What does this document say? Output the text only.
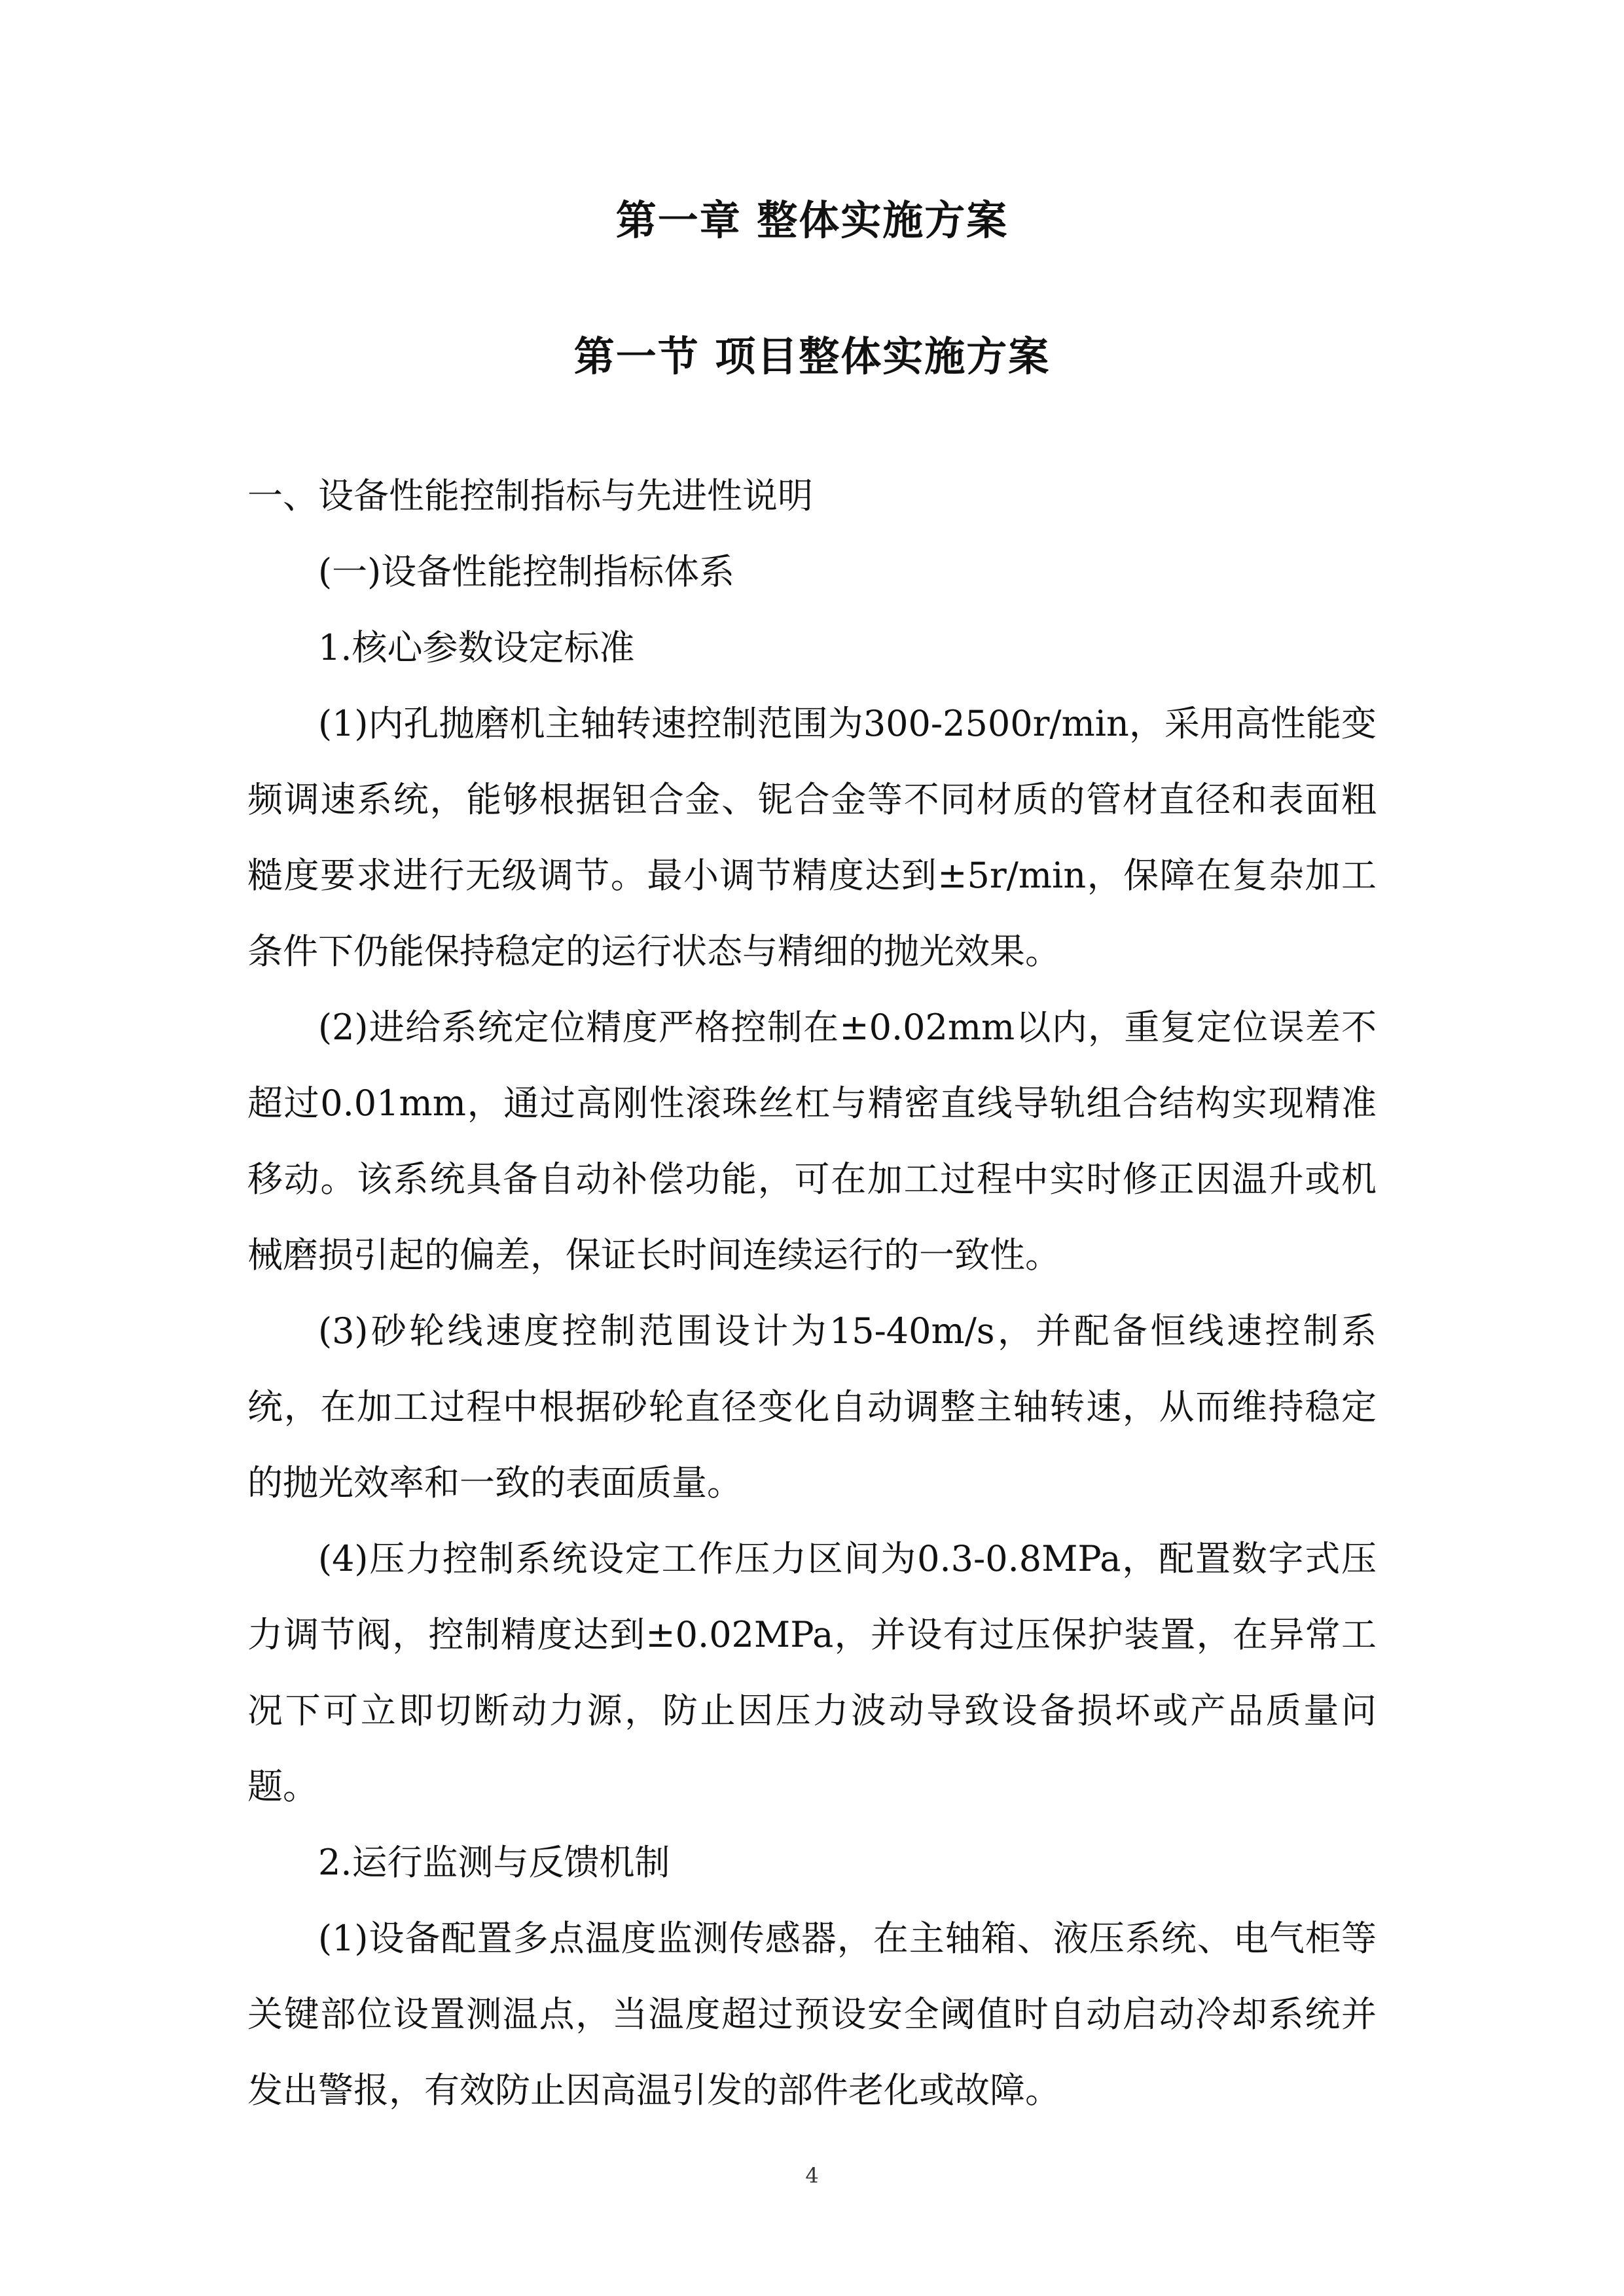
第一章 整体实施方案
第一节 项目整体实施方案

一、设备性能控制指标与先进性说明

(一)设备性能控制指标体系

1.核心参数设定标准

(1)内孔抛磨机主轴转速控制范围为300-2500r/min，采用高性能变频调速系统，能够根据钽合金、铌合金等不同材质的管材直径和表面粗糙度要求进行无级调节。最小调节精度达到±5r/min，保障在复杂加工条件下仍能保持稳定的运行状态与精细的抛光效果。

(2)进给系统定位精度严格控制在±0.02mm以内，重复定位误差不超过0.01mm，通过高刚性滚珠丝杠与精密直线导轨组合结构实现精准移动。该系统具备自动补偿功能，可在加工过程中实时修正因温升或机械磨损引起的偏差，保证长时间连续运行的一致性。

(3)砂轮线速度控制范围设计为15-40m/s，并配备恒线速控制系统，在加工过程中根据砂轮直径变化自动调整主轴转速，从而维持稳定的抛光效率和一致的表面质量。

(4)压力控制系统设定工作压力区间为0.3-0.8MPa，配置数字式压力调节阀，控制精度达到±0.02MPa，并设有过压保护装置，在异常工况下可立即切断动力源，防止因压力波动导致设备损坏或产品质量问题。

2.运行监测与反馈机制

(1)设备配置多点温度监测传感器，在主轴箱、液压系统、电气柜等关键部位设置测温点，当温度超过预设安全阈值时自动启动冷却系统并发出警报，有效防止因高温引发的部件老化或故障。

4
